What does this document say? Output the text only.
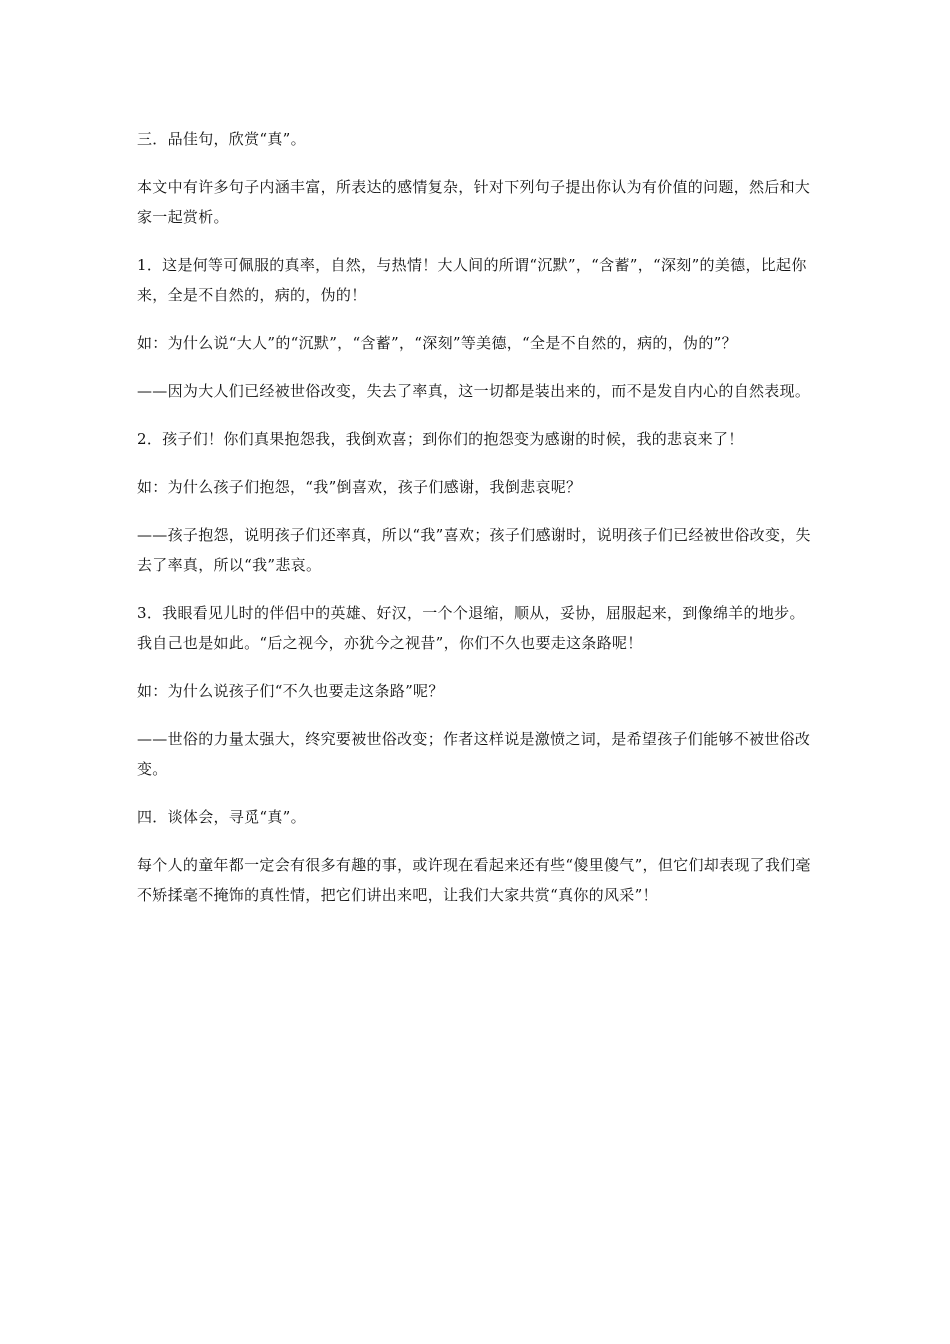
三．品佳句，欣赏“真”。

本文中有许多句子内涵丰富，所表达的感情复杂，针对下列句子提出你认为有价值的问题，然后和大家一起赏析。

1．这是何等可佩服的真率，自然，与热情！大人间的所谓“沉默”，“含蓄”，“深刻”的美德，比起你来，全是不自然的，病的，伪的！

如：为什么说“大人”的“沉默”，“含蓄”，“深刻”等美德，“全是不自然的，病的，伪的”？

——因为大人们已经被世俗改变，失去了率真，这一切都是装出来的，而不是发自内心的自然表现。

2．孩子们！你们真果抱怨我，我倒欢喜；到你们的抱怨变为感谢的时候，我的悲哀来了！

如：为什么孩子们抱怨，“我”倒喜欢，孩子们感谢，我倒悲哀呢？

——孩子抱怨，说明孩子们还率真，所以“我”喜欢；孩子们感谢时，说明孩子们已经被世俗改变，失去了率真，所以“我”悲哀。

3．我眼看见儿时的伴侣中的英雄、好汉，一个个退缩，顺从，妥协，屈服起来，到像绵羊的地步。我自己也是如此。“后之视今，亦犹今之视昔”，你们不久也要走这条路呢！

如：为什么说孩子们“不久也要走这条路”呢？

——世俗的力量太强大，终究要被世俗改变；作者这样说是激愤之词，是希望孩子们能够不被世俗改变。

四．谈体会，寻觅“真”。

每个人的童年都一定会有很多有趣的事，或许现在看起来还有些“傻里傻气”，但它们却表现了我们毫不矫揉毫不掩饰的真性情，把它们讲出来吧，让我们大家共赏“真你的风采”！
